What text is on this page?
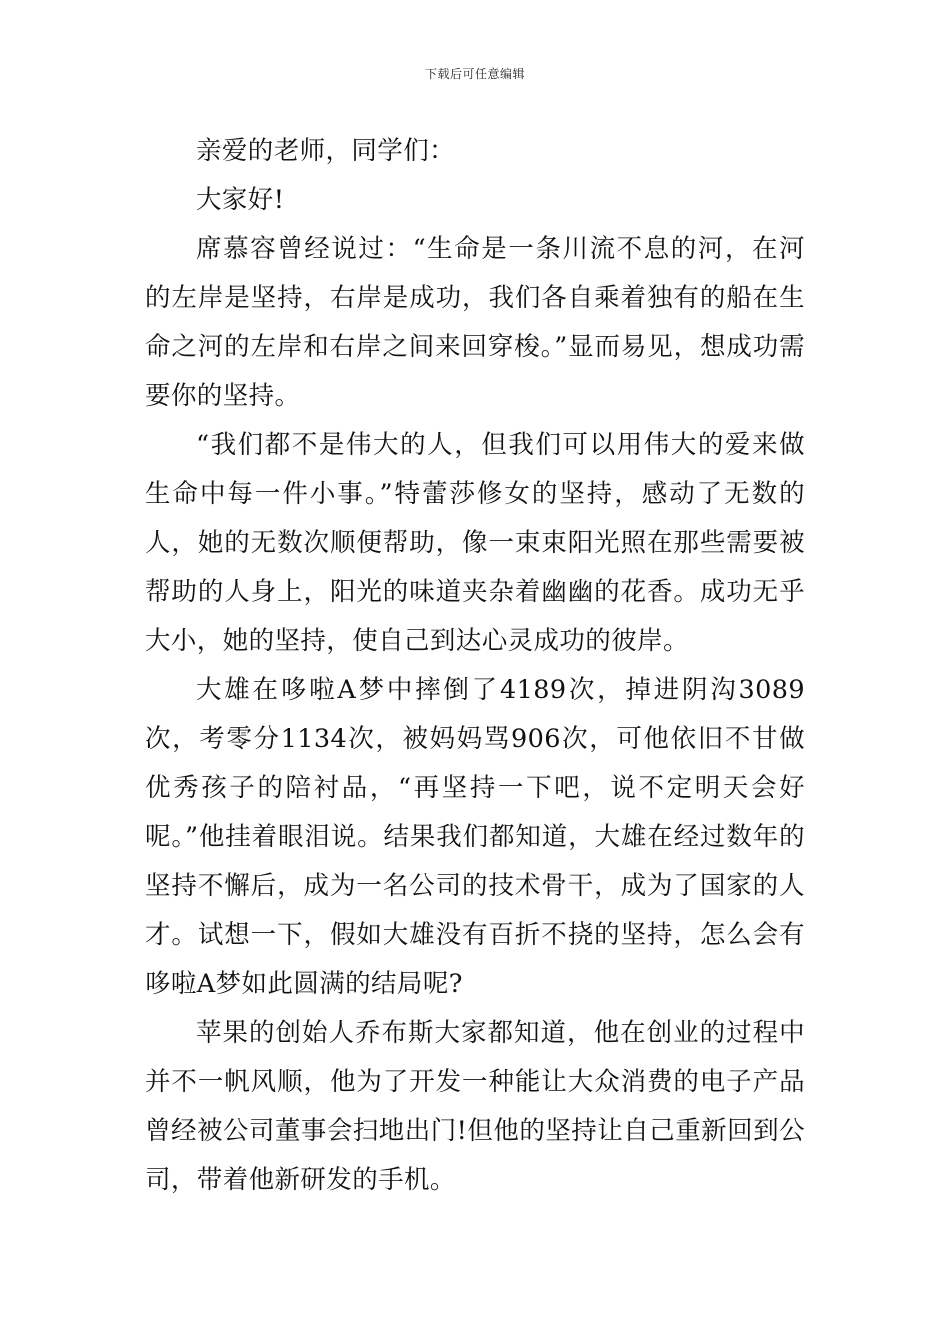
下载后可任意编辑

亲爱的老师，同学们：

大家好!

席慕容曾经说过：“生命是一条川流不息的河，在河的左岸是坚持，右岸是成功，我们各自乘着独有的船在生命之河的左岸和右岸之间来回穿梭。”显而易见，想成功需要你的坚持。

“我们都不是伟大的人，但我们可以用伟大的爱来做生命中每一件小事。”特蕾莎修女的坚持，感动了无数的人，她的无数次顺便帮助，像一束束阳光照在那些需要被帮助的人身上，阳光的味道夹杂着幽幽的花香。成功无乎大小，她的坚持，使自己到达心灵成功的彼岸。

大雄在哆啦A梦中摔倒了4189次，掉进阴沟3089次，考零分1134次，被妈妈骂906次，可他依旧不甘做优秀孩子的陪衬品，“再坚持一下吧，说不定明天会好呢。”他挂着眼泪说。结果我们都知道，大雄在经过数年的坚持不懈后，成为一名公司的技术骨干，成为了国家的人才。试想一下，假如大雄没有百折不挠的坚持，怎么会有哆啦A梦如此圆满的结局呢?

苹果的创始人乔布斯大家都知道，他在创业的过程中并不一帆风顺，他为了开发一种能让大众消费的电子产品曾经被公司董事会扫地出门!但他的坚持让自己重新回到公司，带着他新研发的手机。
